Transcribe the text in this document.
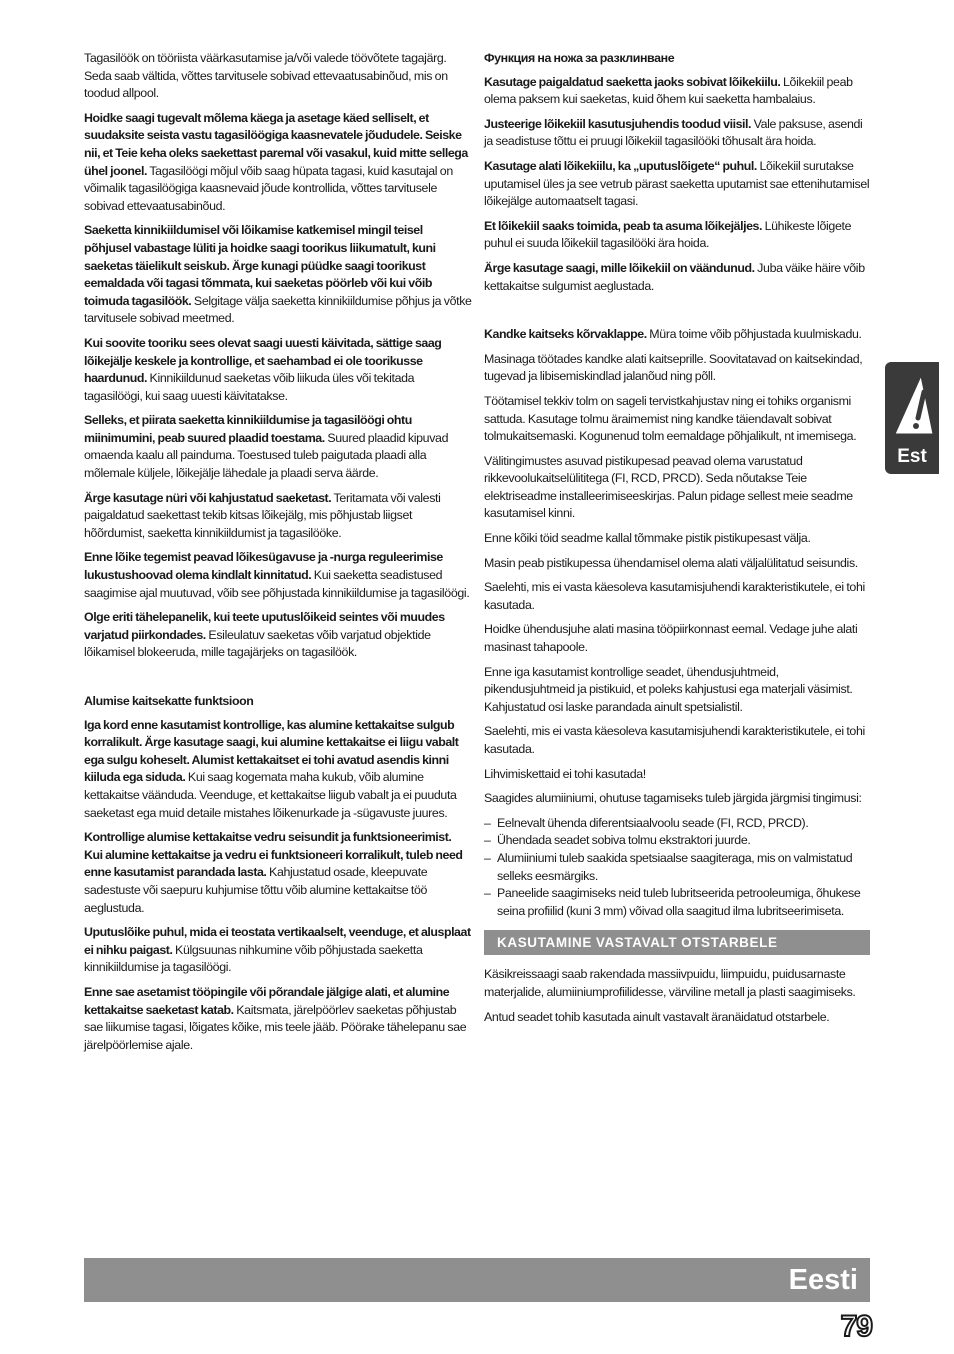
Tagasilöök on tööriista väärkasutamise ja/või valede töövõtete tagajärg. Seda saab vältida, võttes tarvitusele sobivad ettevaatusabinõud, mis on toodud allpool.

Hoidke saagi tugevalt mõlema käega ja asetage käed selliselt, et suudaksite seista vastu tagasilöögiga kaasnevatele jõududele. Seiske nii, et Teie keha oleks saekettast paremal või vasakul, kuid mitte sellega ühel joonel. Tagasilöögi mõjul võib saag hüpata tagasi, kuid kasutajal on võimalik tagasilöögiga kaasnevaid jõude kontrollida, võttes tarvitusele sobivad ettevaatusabinõud.

Saeketta kinnikiildumisel või lõikamise katkemisel mingil teisel põhjusel vabastage lüliti ja hoidke saagi toorikus liikumatult, kuni saeketas täielikult seiskub. Ärge kunagi püüdke saagi toorikust eemaldada või tagasi tõmmata, kui saeketas pöörleb või kui võib toimuda tagasilöök. Selgitage välja saeketta kinnikiildumise põhjus ja võtke tarvitusele sobivad meetmed.

Kui soovite tooriku sees olevat saagi uuesti käivitada, sättige saag lõikejälje keskele ja kontrollige, et saehambad ei ole toorikusse haardunud. Kinnikiildunud saeketas võib liikuda üles või tekitada tagasilöögi, kui saag uuesti käivitatakse.

Selleks, et piirata saeketta kinnikiildumise ja tagasilöögi ohtu miinimumini, peab suured plaadid toestama. Suured plaadid kipuvad omaenda kaalu all painduma. Toestused tuleb paigutada plaadi alla mõlemale küljele, lõikejälje lähedale ja plaadi serva äärde.

Ärge kasutage nüri või kahjustatud saeketast. Teritamata või valesti paigaldatud saekettast tekib kitsas lõikejälg, mis põhjustab liigset hõõrdumist, saeketta kinnikiildumist ja tagasilööke.

Enne lõike tegemist peavad lõikesügavuse ja -nurga reguleerimise lukustushoovad olema kindlalt kinnitatud. Kui saeketta seadistused saagimise ajal muutuvad, võib see põhjustada kinnikiildumise ja tagasilöögi.

Olge eriti tähelepanelik, kui teete uputuslõikeid seintes või muudes varjatud piirkondades. Esileulatuv saeketas võib varjatud objektide lõikamisel blokeeruda, mille tagajärjeks on tagasilöök.

Alumise kaitsekatte funktsioon

Iga kord enne kasutamist kontrollige, kas alumine kettakaitse sulgub korralikult. Ärge kasutage saagi, kui alumine kettakaitse ei liigu vabalt ega sulgu koheselt. Alumist kettakaitset ei tohi avatud asendis kinni kiiluda ega siduda. Kui saag kogemata maha kukub, võib alumine kettakaitse väänduda. Veenduge, et kettakaitse liigub vabalt ja ei puuduta saeketast ega muid detaile mistahes lõikenurkade ja -sügavuste juures.

Kontrollige alumise kettakaitse vedru seisundit ja funktsioneerimist. Kui alumine kettakaitse ja vedru ei funktsioneeri korralikult, tuleb need enne kasutamist parandada lasta. Kahjustatud osade, kleepuvate sadestuste või saepuru kuhjumise tõttu võib alumine kettakaitse töö aeglustuda.

Uputuslõike puhul, mida ei teostata vertikaalselt, veenduge, et alusplaat ei nihku paigast. Külgsuunas nihkumine võib põhjustada saeketta kinnikiildumise ja tagasilöögi.

Enne sae asetamist tööpingile või põrandale jälgige alati, et alumine kettakaitse saeketast katab. Kaitsmata, järelpöörlev saeketas põhjustab sae liikumise tagasi, lõigates kõike, mis teele jääb. Pöörake tähelepanu sae järelpöörlemise ajale.

Функция на ножа за разклинване

Kasutage paigaldatud saeketta jaoks sobivat lõikekiilu. Lõikekiil peab olema paksem kui saeketas, kuid õhem kui saeketta hambalaius.

Justeerige lõikekiil kasutusjuhendis toodud viisil. Vale paksuse, asendi ja seadistuse tõttu ei pruugi lõikekiil tagasilööki tõhusalt ära hoida.

Kasutage alati lõikekiilu, ka „uputuslõigete“ puhul. Lõikekiil surutakse uputamisel üles ja see vetrub pärast saeketta uputamist sae ettenihutamisel lõikejälge automaatselt tagasi.

Et lõikekiil saaks toimida, peab ta asuma lõikejäljes. Lühikeste lõigete puhul ei suuda lõikekiil tagasilööki ära hoida.

Ärge kasutage saagi, mille lõikekiil on väändunud. Juba väike häire võib kettakaitse sulgumist aeglustada.

Kandke kaitseks kõrvaklappe. Müra toime võib põhjustada kuulmiskadu.

Masinaga töötades kandke alati kaitseprille. Soovitatavad on kaitsekindad, tugevad ja libisemiskindlad jalanõud ning põll.

Töötamisel tekkiv tolm on sageli tervistkahjustav ning ei tohiks organismi sattuda. Kasutage tolmu äraimemist ning kandke täiendavalt sobivat tolmukaitsemaski. Kogunenud tolm eemaldage põhjalikult, nt imemisega.

Välitingimustes asuvad pistikupesad peavad olema varustatud rikkevoolukaitselülititega (FI, RCD, PRCD). Seda nõutakse Teie elektriseadme installeerimiseeskirjas. Palun pidage sellest meie seadme kasutamisel kinni.

Enne kõiki töid seadme kallal tõmmake pistik pistikupesast välja.

Masin peab pistikupessa ühendamisel olema alati väljalülitatud seisundis.

Saelehti, mis ei vasta käesoleva kasutamisjuhendi karakteristikutele, ei tohi kasutada.

Hoidke ühendusjuhe alati masina tööpiirkonnast eemal. Vedage juhe alati masinast tahapoole.

Enne iga kasutamist kontrollige seadet, ühendusjuhtmeid, pikendusjuhtmeid ja pistikuid, et poleks kahjustusi ega materjali väsimist. Kahjustatud osi laske parandada ainult spetsialistil.

Saelehti, mis ei vasta käesoleva kasutamisjuhendi karakteristikutele, ei tohi kasutada.

Lihvimiskettaid ei tohi kasutada!

Saagides alumiiniumi, ohutuse tagamiseks tuleb järgida järgmisi tingimusi:

– Eelnevalt ühenda diferentsiaalvoolu seade (FI, RCD, PRCD).
– Ühendada seadet sobiva tolmu ekstraktori juurde.
– Alumiiniumi tuleb saakida spetsiaalse saagiteraga, mis on valmistatud selleks eesmärgiks.
– Paneelide saagimiseks neid tuleb lubritseerida petrooleumiga, õhukese seina profiilid (kuni 3 mm) võivad olla saagitud ilma lubritseerimiseta.
KASUTAMINE VASTAVALT OTSTARBELE

Käsikreissaagi saab rakendada massiivpuidu, liimpuidu, puidusarnaste materjalide, alumiiniumprofiilidesse, värviline metall ja plasti saagimiseks.

Antud seadet tohib kasutada ainult vastavalt äranäidatud otstarbele.

Est
Eesti
79
